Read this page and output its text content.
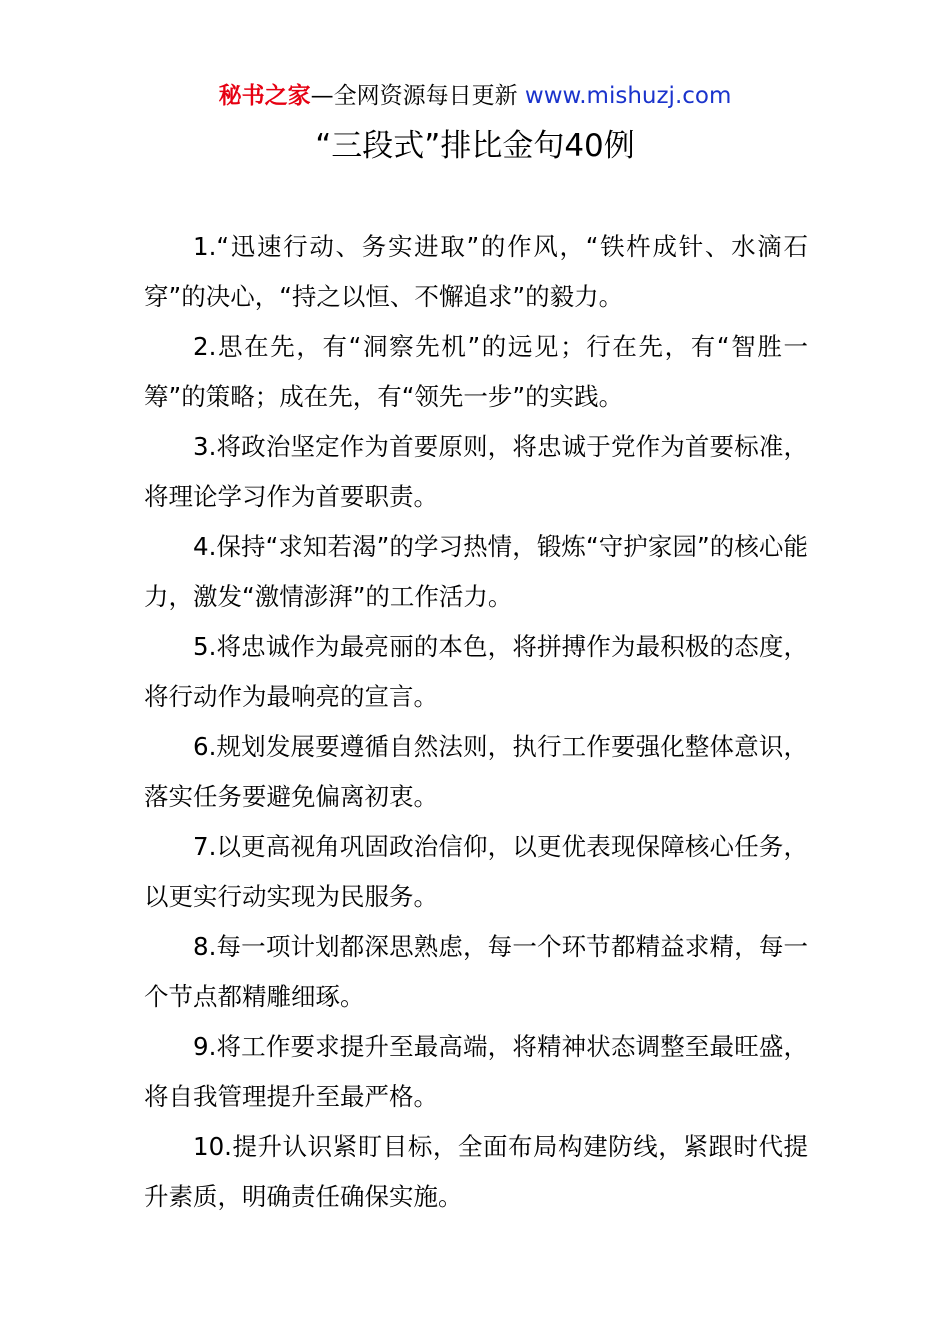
秘书之家—全网资源每日更新 www.mishuzj.com
“三段式”排比金句40例

1.“迅速行动、务实进取”的作风，“铁杵成针、水滴石穿”的决心，“持之以恒、不懈追求”的毅力。

2.思在先，有“洞察先机”的远见；行在先，有“智胜一筹”的策略；成在先，有“领先一步”的实践。

3.将政治坚定作为首要原则，将忠诚于党作为首要标准，将理论学习作为首要职责。

4.保持“求知若渴”的学习热情，锻炼“守护家园”的核心能力，激发“激情澎湃”的工作活力。

5.将忠诚作为最亮丽的本色，将拼搏作为最积极的态度，将行动作为最响亮的宣言。

6.规划发展要遵循自然法则，执行工作要强化整体意识，落实任务要避免偏离初衷。

7.以更高视角巩固政治信仰，以更优表现保障核心任务，以更实行动实现为民服务。

8.每一项计划都深思熟虑，每一个环节都精益求精，每一个节点都精雕细琢。

9.将工作要求提升至最高端，将精神状态调整至最旺盛，将自我管理提升至最严格。

10.提升认识紧盯目标，全面布局构建防线，紧跟时代提升素质，明确责任确保实施。
